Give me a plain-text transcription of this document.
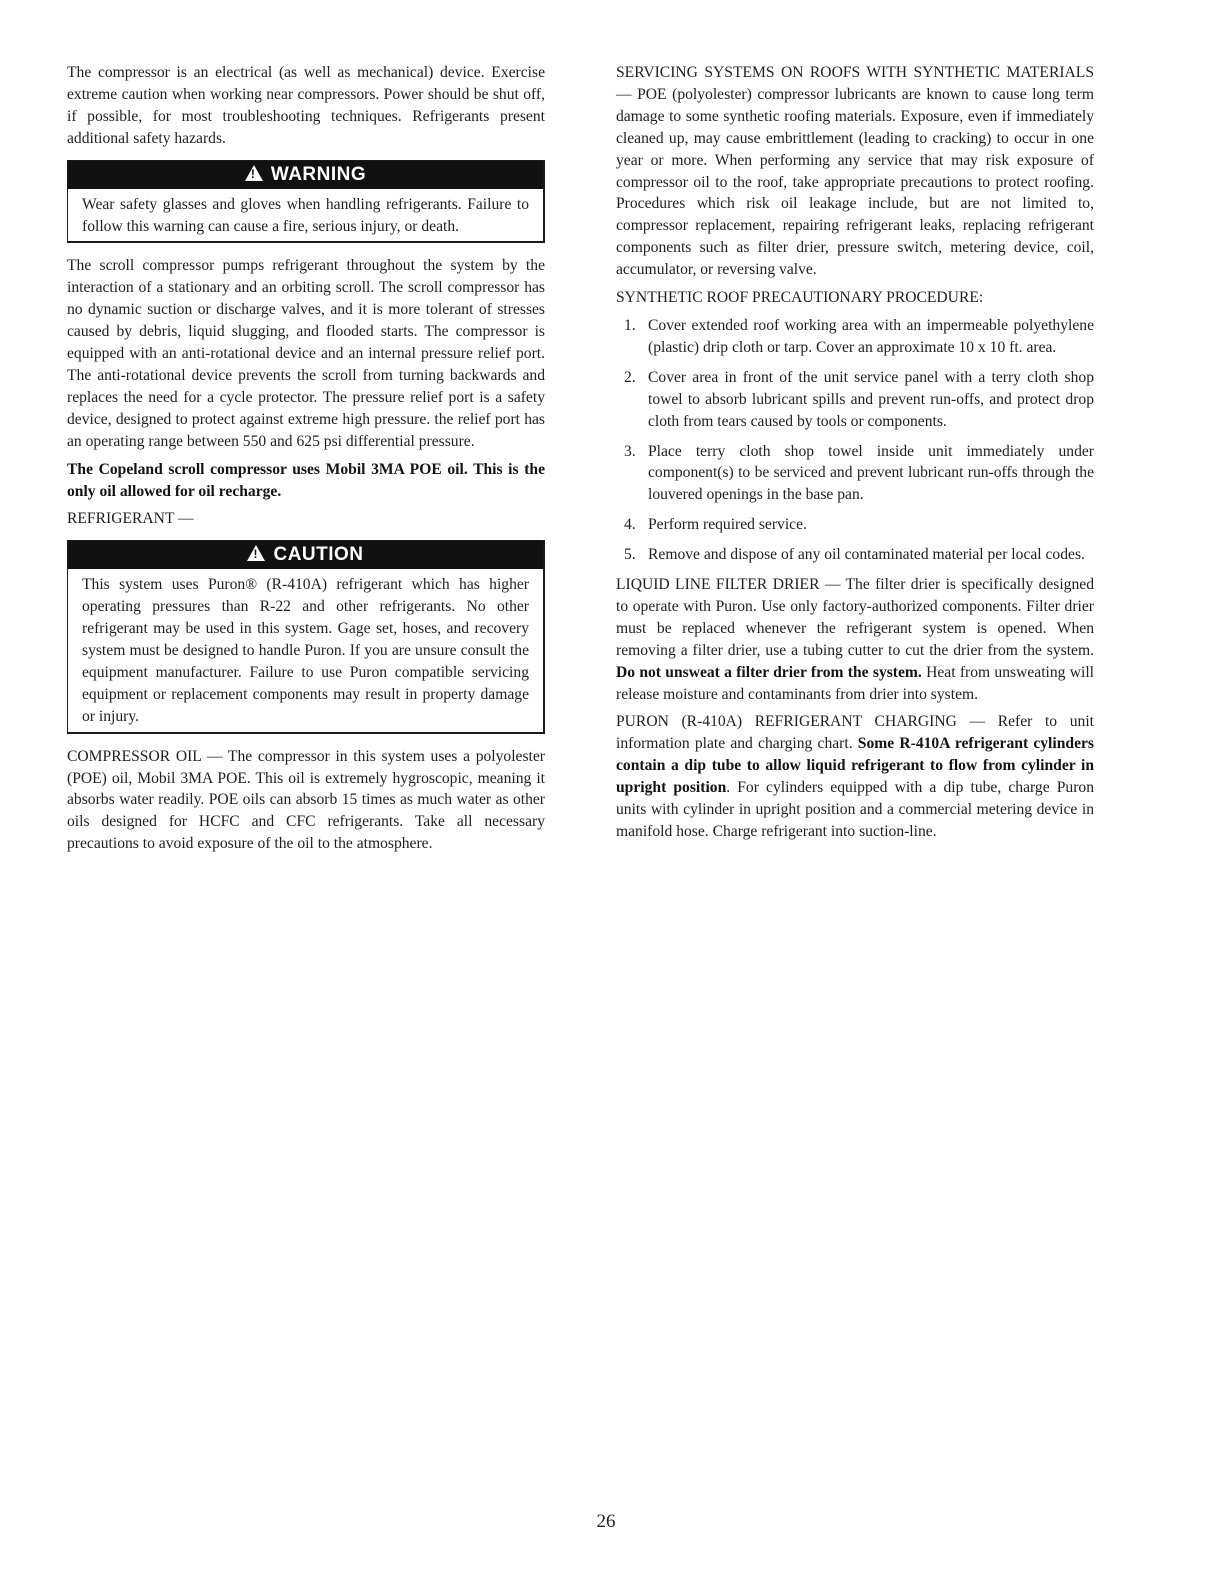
The compressor is an electrical (as well as mechanical) device. Exercise extreme caution when working near compressors. Power should be shut off, if possible, for most troubleshooting techniques. Refrigerants present additional safety hazards.

!WARNING

Wear safety glasses and gloves when handling refrigerants. Failure to follow this warning can cause a fire, serious injury, or death.

The scroll compressor pumps refrigerant throughout the system by the interaction of a stationary and an orbiting scroll. The scroll compressor has no dynamic suction or discharge valves, and it is more tolerant of stresses caused by debris, liquid slugging, and flooded starts. The compressor is equipped with an anti-rotational device and an internal pressure relief port. The anti-rotational device prevents the scroll from turning backwards and replaces the need for a cycle protector. The pressure relief port is a safety device, designed to protect against extreme high pressure. the relief port has an operating range between 550 and 625 psi differential pressure.

The Copeland scroll compressor uses Mobil 3MA POE oil. This is the only oil allowed for oil recharge.

REFRIGERANT —

!CAUTION

This system uses Puron® (R-410A) refrigerant which has higher operating pressures than R-22 and other refrigerants. No other refrigerant may be used in this system. Gage set, hoses, and recovery system must be designed to handle Puron. If you are unsure consult the equipment manufacturer. Failure to use Puron compatible servicing equipment or replacement components may result in property damage or injury.

COMPRESSOR OIL — The compressor in this system uses a polyolester (POE) oil, Mobil 3MA POE. This oil is extremely hygroscopic, meaning it absorbs water readily. POE oils can absorb 15 times as much water as other oils designed for HCFC and CFC refrigerants. Take all necessary precautions to avoid exposure of the oil to the atmosphere.

SERVICING SYSTEMS ON ROOFS WITH SYNTHETIC MATERIALS — POE (polyolester) compressor lubricants are known to cause long term damage to some synthetic roofing materials. Exposure, even if immediately cleaned up, may cause embrittlement (leading to cracking) to occur in one year or more. When performing any service that may risk exposure of compressor oil to the roof, take appropriate precautions to protect roofing. Procedures which risk oil leakage include, but are not limited to, compressor replacement, repairing refrigerant leaks, replacing refrigerant components such as filter drier, pressure switch, metering device, coil, accumulator, or reversing valve.

SYNTHETIC ROOF PRECAUTIONARY PROCEDURE:

1. Cover extended roof working area with an impermeable polyethylene (plastic) drip cloth or tarp. Cover an approximate 10 x 10 ft. area.
2. Cover area in front of the unit service panel with a terry cloth shop towel to absorb lubricant spills and prevent run-offs, and protect drop cloth from tears caused by tools or components.
3. Place terry cloth shop towel inside unit immediately under component(s) to be serviced and prevent lubricant run-offs through the louvered openings in the base pan.
4. Perform required service.
5. Remove and dispose of any oil contaminated material per local codes.

LIQUID LINE FILTER DRIER — The filter drier is specifically designed to operate with Puron. Use only factory-authorized components. Filter drier must be replaced whenever the refrigerant system is opened. When removing a filter drier, use a tubing cutter to cut the drier from the system. Do not unsweat a filter drier from the system. Heat from unsweating will release moisture and contaminants from drier into system.

PURON (R-410A) REFRIGERANT CHARGING — Refer to unit information plate and charging chart. Some R-410A refrigerant cylinders contain a dip tube to allow liquid refrigerant to flow from cylinder in upright position. For cylinders equipped with a dip tube, charge Puron units with cylinder in upright position and a commercial metering device in manifold hose. Charge refrigerant into suction-line.

26
